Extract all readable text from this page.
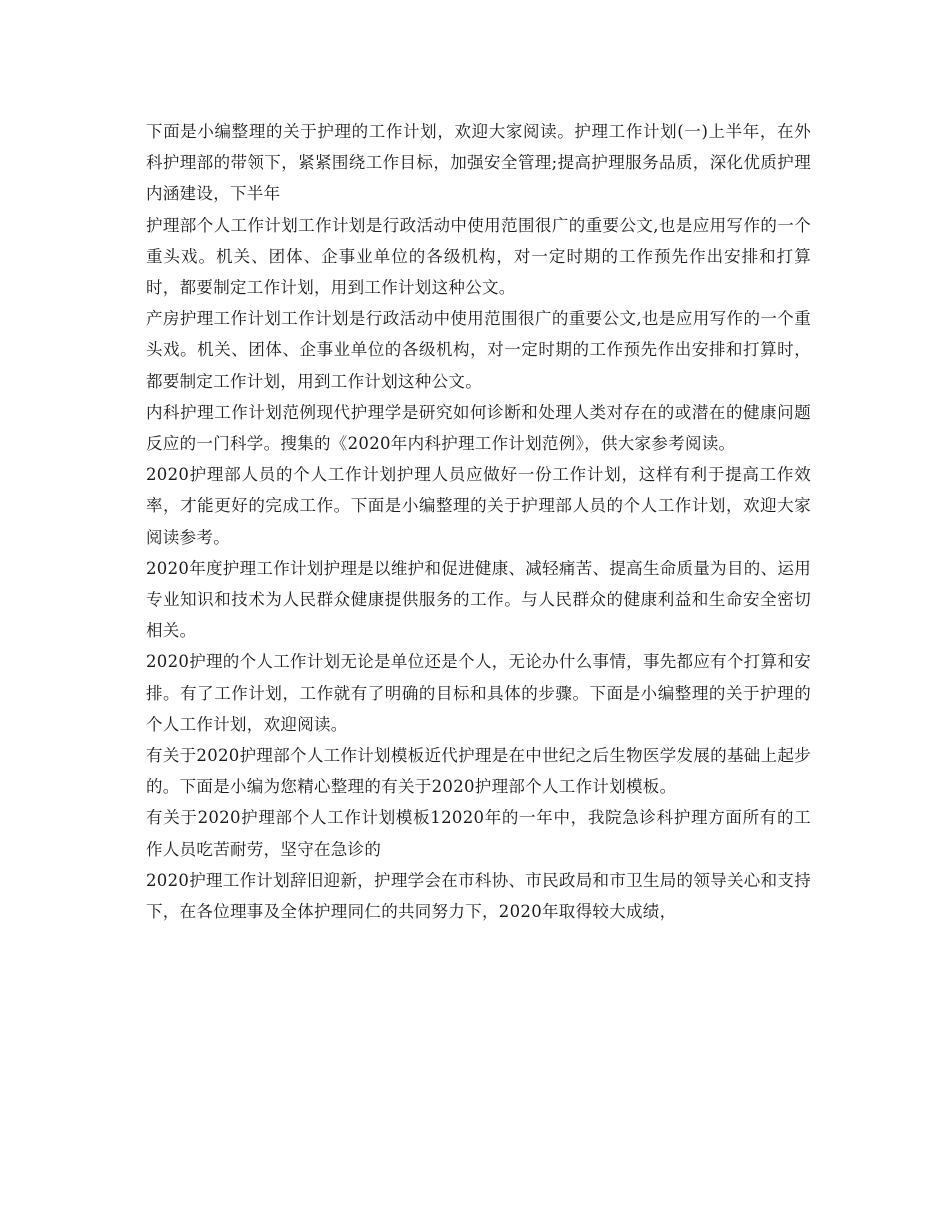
下面是小编整理的关于护理的工作计划，欢迎大家阅读。护理工作计划(一)上半年，在外科护理部的带领下，紧紧围绕工作目标，加强安全管理;提高护理服务品质，深化优质护理内涵建设，下半年

护理部个人工作计划工作计划是行政活动中使用范围很广的重要公文,也是应用写作的一个重头戏。机关、团体、企事业单位的各级机构，对一定时期的工作预先作出安排和打算时，都要制定工作计划，用到工作计划这种公文。

产房护理工作计划工作计划是行政活动中使用范围很广的重要公文,也是应用写作的一个重头戏。机关、团体、企事业单位的各级机构，对一定时期的工作预先作出安排和打算时，都要制定工作计划，用到工作计划这种公文。

内科护理工作计划范例现代护理学是研究如何诊断和处理人类对存在的或潜在的健康问题反应的一门科学。搜集的《2020年内科护理工作计划范例》，供大家参考阅读。

2020护理部人员的个人工作计划护理人员应做好一份工作计划，这样有利于提高工作效率，才能更好的完成工作。下面是小编整理的关于护理部人员的个人工作计划，欢迎大家阅读参考。

2020年度护理工作计划护理是以维护和促进健康、减轻痛苦、提高生命质量为目的、运用专业知识和技术为人民群众健康提供服务的工作。与人民群众的健康利益和生命安全密切相关。

2020护理的个人工作计划无论是单位还是个人，无论办什么事情，事先都应有个打算和安排。有了工作计划，工作就有了明确的目标和具体的步骤。下面是小编整理的关于护理的个人工作计划，欢迎阅读。

有关于2020护理部个人工作计划模板近代护理是在中世纪之后生物医学发展的基础上起步的。下面是小编为您精心整理的有关于2020护理部个人工作计划模板。

有关于2020护理部个人工作计划模板12020年的一年中，我院急诊科护理方面所有的工作人员吃苦耐劳，坚守在急诊的

2020护理工作计划辞旧迎新，护理学会在市科协、市民政局和市卫生局的领导关心和支持下，在各位理事及全体护理同仁的共同努力下，2020年取得较大成绩，
